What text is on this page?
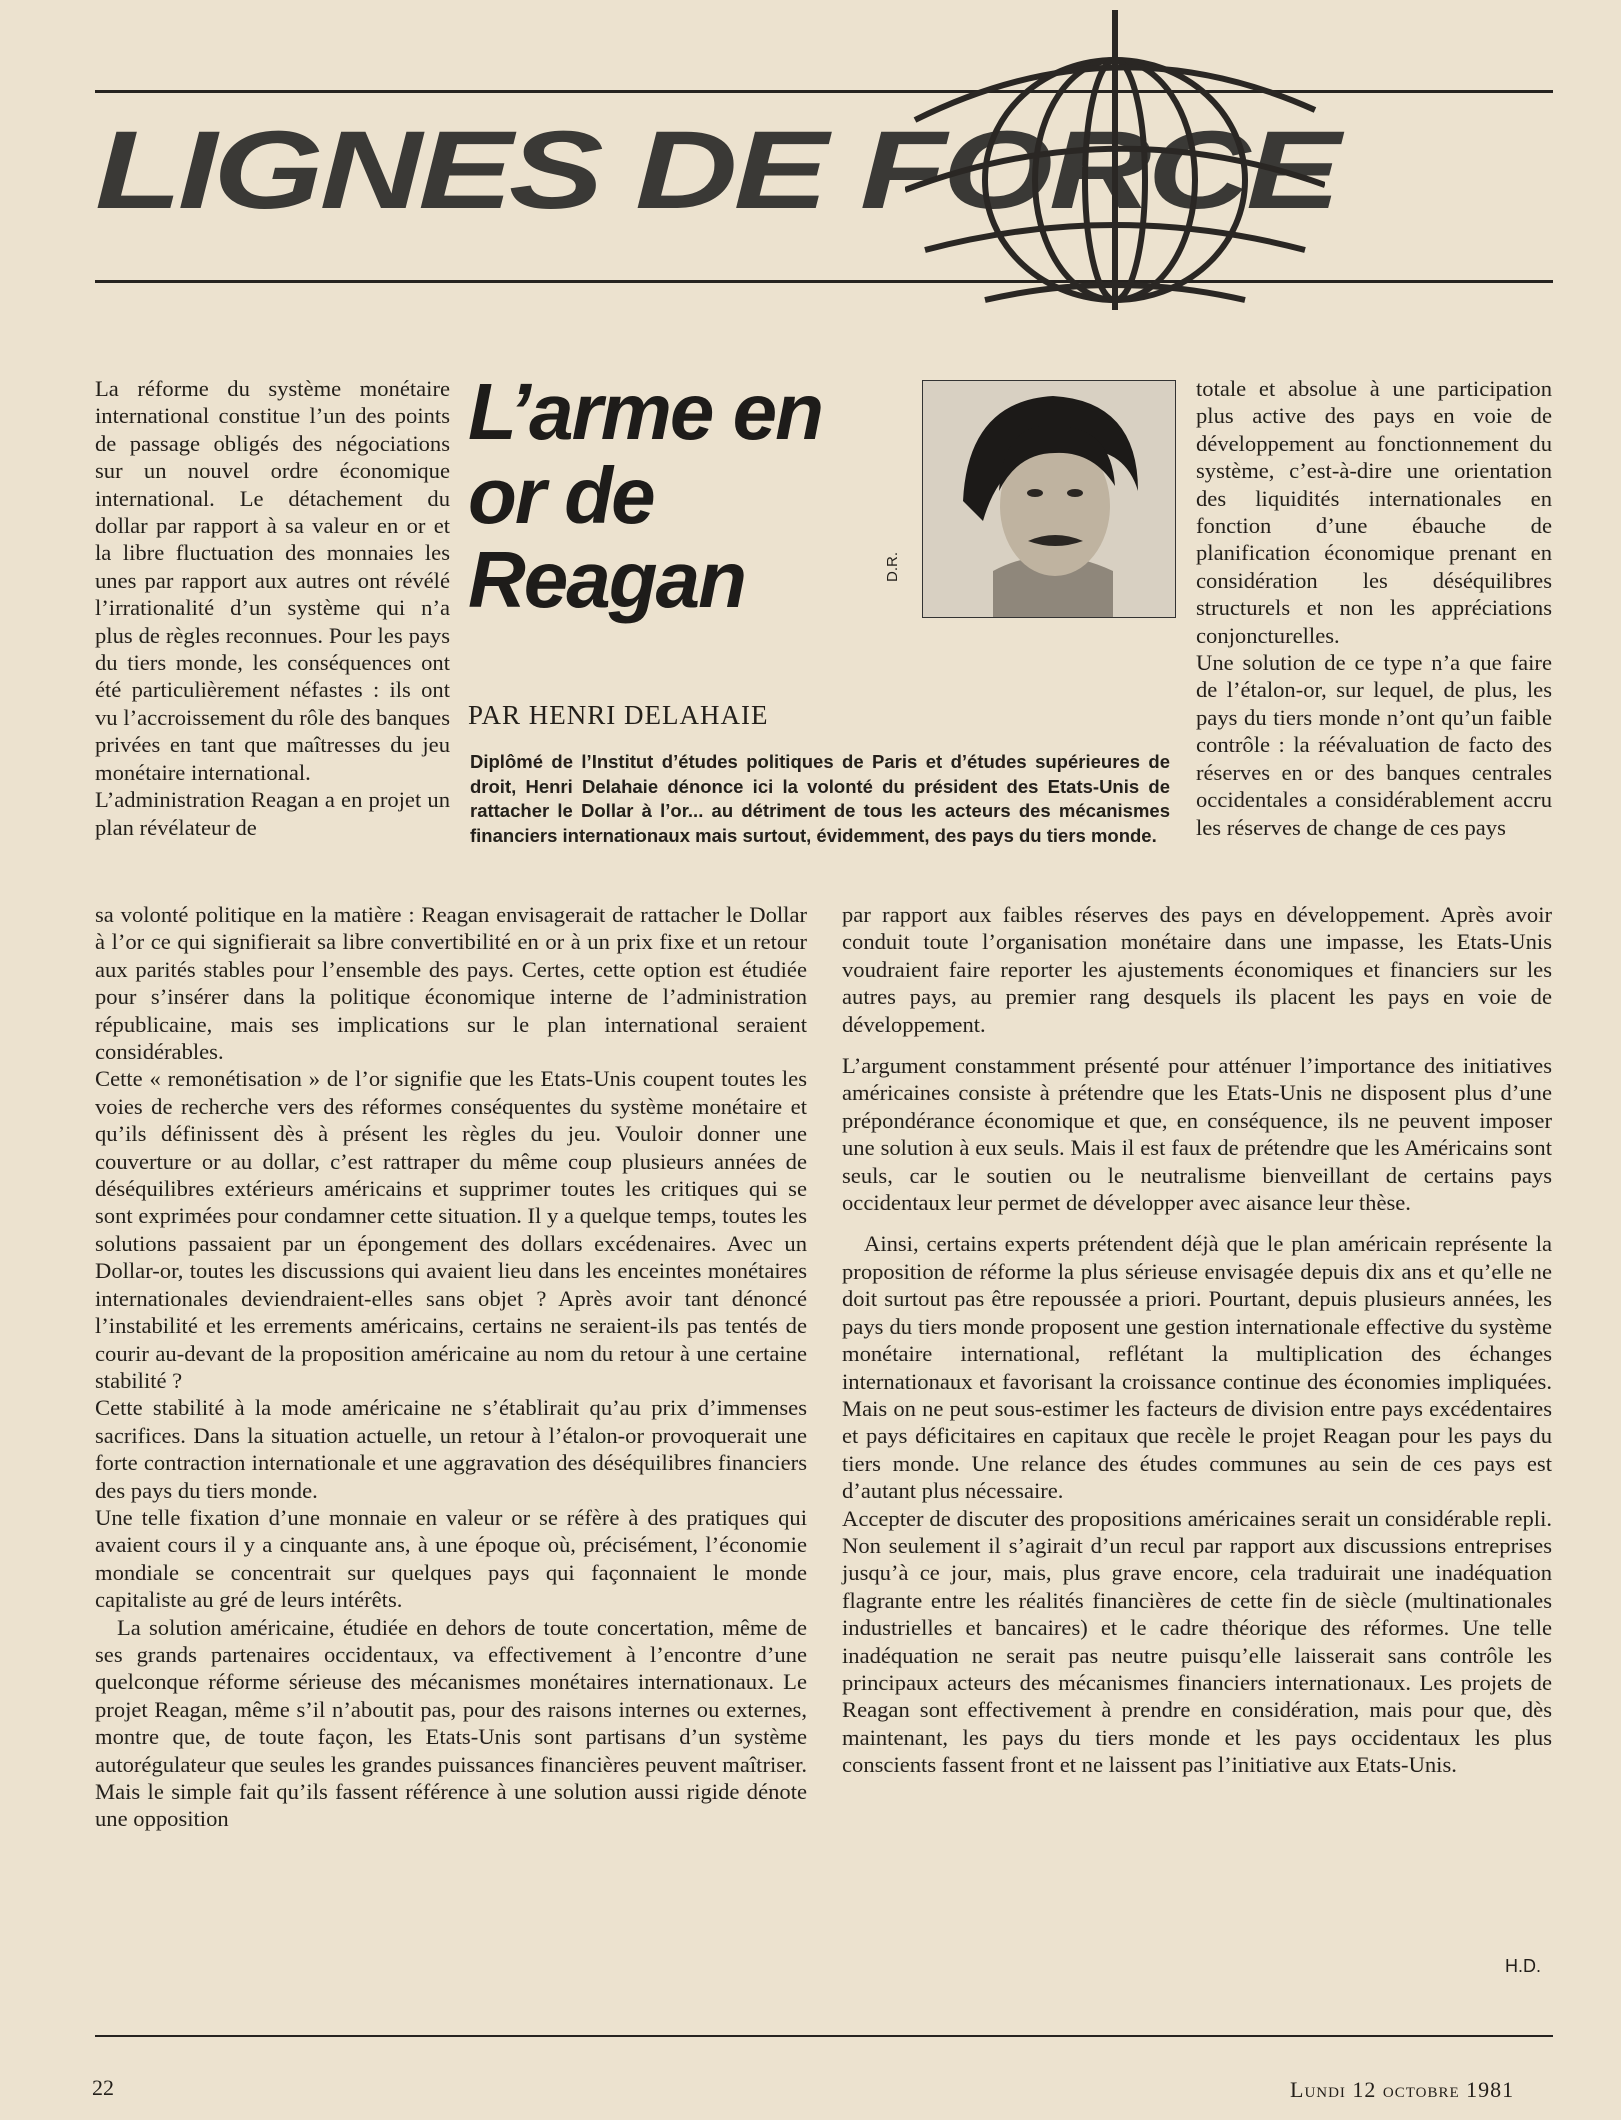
LIGNES DE FORCE

La réforme du système monétaire international constitue l’un des points de passage obligés des négociations sur un nouvel ordre économique international. Le détachement du dollar par rapport à sa valeur en or et la libre fluctuation des monnaies les unes par rapport aux autres ont révélé l’irrationalité d’un système qui n’a plus de règles reconnues. Pour les pays du tiers monde, les conséquences ont été particulièrement néfastes : ils ont vu l’accroissement du rôle des banques privées en tant que maîtresses du jeu monétaire international.

L’administration Reagan a en projet un plan révélateur de

L’arme en or de Reagan	D.R.

totale et absolue à une participation plus active des pays en voie de développement au fonctionnement du système, c’est-à-dire une orientation des liquidités internationales en fonction d’une ébauche de planification économique prenant en considération les déséquilibres structurels et non les appréciations conjoncturelles.

Une solution de ce type n’a que faire de l’étalon-or, sur lequel, de plus, les pays du tiers monde n’ont qu’un faible contrôle : la réévaluation de facto des réserves en or des banques centrales occidentales a considérablement accru les réserves de change de ces pays

PAR HENRI DELAHAIE
Diplômé de l’Institut d’études politiques de Paris et d’études supérieures de droit, Henri Delahaie dénonce ici la volonté du président des Etats-Unis de rattacher le Dollar à l’or... au détriment de tous les acteurs des mécanismes financiers internationaux mais surtout, évidemment, des pays du tiers monde.

sa volonté politique en la matière : Reagan envisagerait de rattacher le Dollar à l’or ce qui signifierait sa libre convertibilité en or à un prix fixe et un retour aux parités stables pour l’ensemble des pays. Certes, cette option est étudiée pour s’insérer dans la politique économique interne de l’administration républicaine, mais ses implications sur le plan international seraient considérables.

Cette « remonétisation » de l’or signifie que les Etats-Unis coupent toutes les voies de recherche vers des réformes conséquentes du système monétaire et qu’ils définissent dès à présent les règles du jeu. Vouloir donner une couverture or au dollar, c’est rattraper du même coup plusieurs années de déséquilibres extérieurs américains et supprimer toutes les critiques qui se sont exprimées pour condamner cette situation. Il y a quelque temps, toutes les solutions passaient par un épongement des dollars excédenaires. Avec un Dollar-or, toutes les discussions qui avaient lieu dans les enceintes monétaires internationales deviendraient-elles sans objet ? Après avoir tant dénoncé l’instabilité et les errements américains, certains ne seraient-ils pas tentés de courir au-devant de la proposition américaine au nom du retour à une certaine stabilité ?

Cette stabilité à la mode américaine ne s’établirait qu’au prix d’immenses sacrifices. Dans la situation actuelle, un retour à l’étalon-or provoquerait une forte contraction internationale et une aggravation des déséquilibres financiers des pays du tiers monde.

Une telle fixation d’une monnaie en valeur or se réfère à des pratiques qui avaient cours il y a cinquante ans, à une époque où, précisément, l’économie mondiale se concentrait sur quelques pays qui façonnaient le monde capitaliste au gré de leurs intérêts.

La solution américaine, étudiée en dehors de toute concertation, même de ses grands partenaires occidentaux, va effectivement à l’encontre d’une quelconque réforme sérieuse des mécanismes monétaires internationaux. Le projet Reagan, même s’il n’aboutit pas, pour des raisons internes ou externes, montre que, de toute façon, les Etats-Unis sont partisans d’un système autorégulateur que seules les grandes puissances financières peuvent maîtriser. Mais le simple fait qu’ils fassent référence à une solution aussi rigide dénote une opposition

par rapport aux faibles réserves des pays en développement. Après avoir conduit toute l’organisation monétaire dans une impasse, les Etats-Unis voudraient faire reporter les ajustements économiques et financiers sur les autres pays, au premier rang desquels ils placent les pays en voie de développement.

L’argument constamment présenté pour atténuer l’importance des initiatives américaines consiste à prétendre que les Etats-Unis ne disposent plus d’une prépondérance économique et que, en conséquence, ils ne peuvent imposer une solution à eux seuls. Mais il est faux de prétendre que les Américains sont seuls, car le soutien ou le neutralisme bienveillant de certains pays occidentaux leur permet de développer avec aisance leur thèse.

Ainsi, certains experts prétendent déjà que le plan américain représente la proposition de réforme la plus sérieuse envisagée depuis dix ans et qu’elle ne doit surtout pas être repoussée a priori. Pourtant, depuis plusieurs années, les pays du tiers monde proposent une gestion internationale effective du système monétaire international, reflétant la multiplication des échanges internationaux et favorisant la croissance continue des économies impliquées. Mais on ne peut sous-estimer les facteurs de division entre pays excédentaires et pays déficitaires en capitaux que recèle le projet Reagan pour les pays du tiers monde. Une relance des études communes au sein de ces pays est d’autant plus nécessaire.

Accepter de discuter des propositions américaines serait un considérable repli. Non seulement il s’agirait d’un recul par rapport aux discussions entreprises jusqu’à ce jour, mais, plus grave encore, cela traduirait une inadéquation flagrante entre les réalités financières de cette fin de siècle (multinationales industrielles et bancaires) et le cadre théorique des réformes. Une telle inadéquation ne serait pas neutre puisqu’elle laisserait sans contrôle les principaux acteurs des mécanismes financiers internationaux. Les projets de Reagan sont effectivement à prendre en considération, mais pour que, dès maintenant, les pays du tiers monde et les pays occidentaux les plus conscients fassent front et ne laissent pas l’initiative aux Etats-Unis.

H.D.
22	Lundi 12 octobre 1981
